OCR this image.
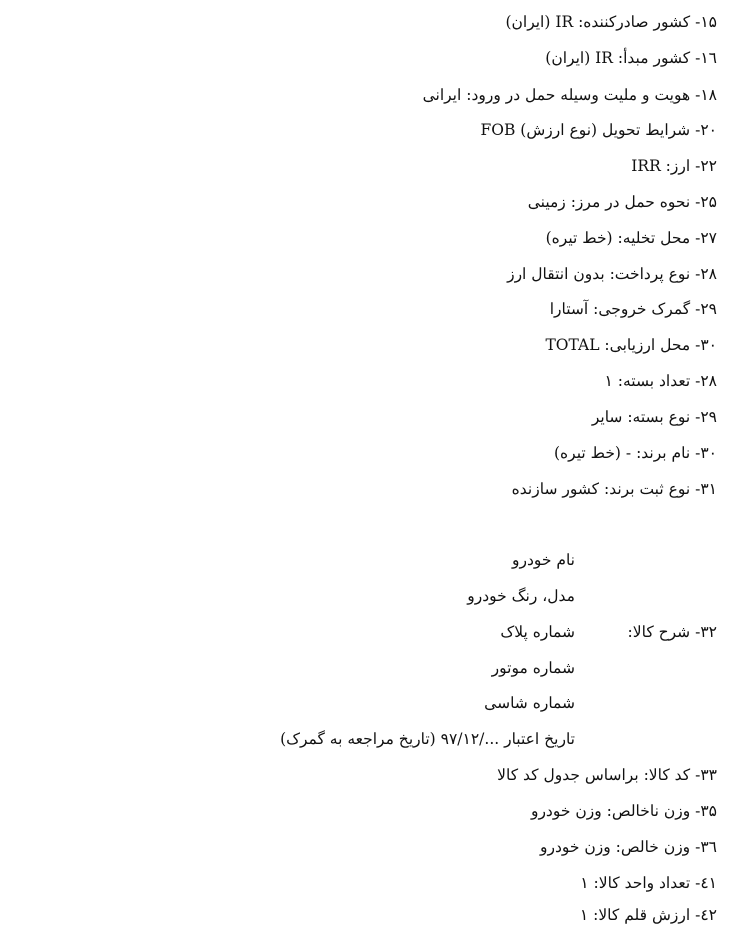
۱۵- کشور صادرکننده: IR (ایران)
۱٦- کشور مبدأ: IR (ایران)
۱۸- هویت و ملیت وسیله حمل در ورود: ایرانی
۲۰- شرایط تحویل (نوع ارزش) FOB
۲۲- ارز: IRR
۲۵- نحوه حمل در مرز: زمینی
۲۷- محل تخلیه: (خط تیره)
۲۸- نوع پرداخت: بدون انتقال ارز
۲۹- گمرک خروجی: آستارا
۳۰- محل ارزیابی: TOTAL
۲۸- تعداد بسته: ۱
۲۹- نوع بسته: سایر
۳۰- نام برند: - (خط تیره)
۳۱- نوع ثبت برند: کشور سازنده
۳۲- شرح کالا:
نام خودرو
مدل، رنگ خودرو
شماره پلاک
شماره موتور
شماره شاسی
تاریخ اعتبار .../۹۷/۱۲ (تاریخ مراجعه به گمرک)
۳۳- کد کالا: براساس جدول کد کالا
۳۵- وزن ناخالص: وزن خودرو
۳٦- وزن خالص: وزن خودرو
٤۱- تعداد واحد کالا: ۱
٤۲- ارزش قلم کالا: ۱
